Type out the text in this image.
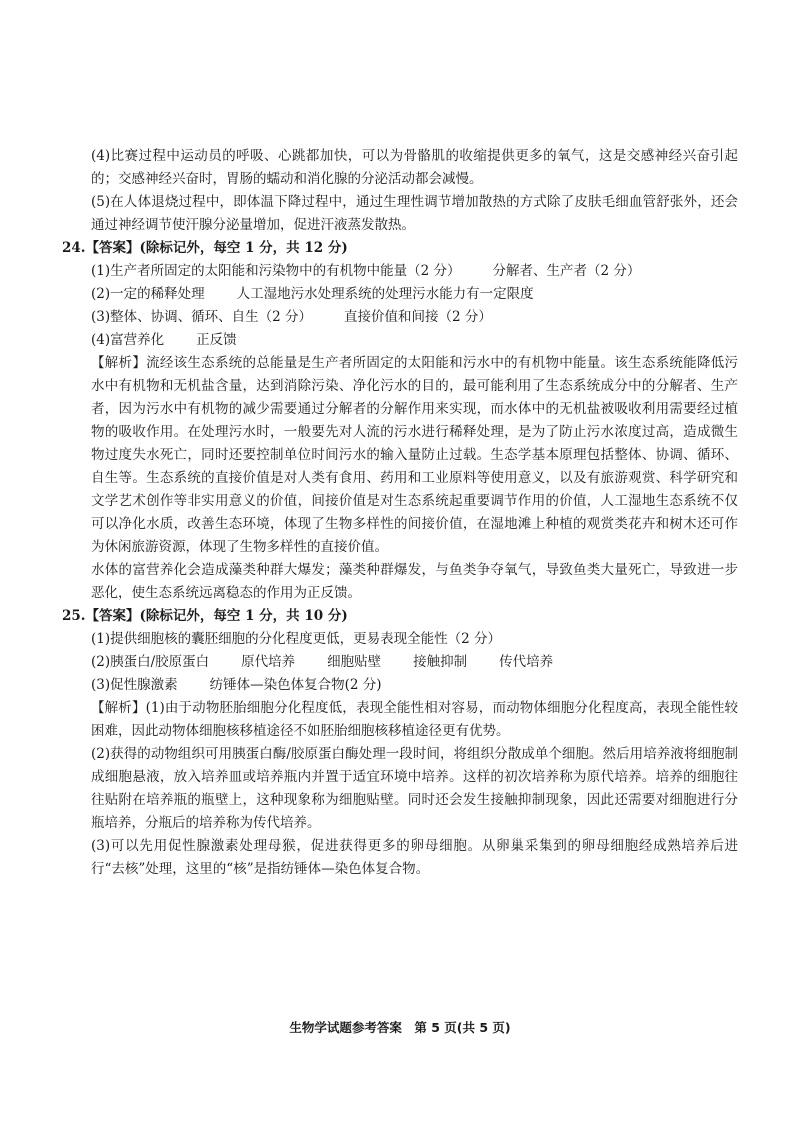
(4)比赛过程中运动员的呼吸、心跳都加快，可以为骨骼肌的收缩提供更多的氧气，这是交感神经兴奋引起的；交感神经兴奋时，胃肠的蠕动和消化腺的分泌活动都会减慢。

(5)在人体退烧过程中，即体温下降过程中，通过生理性调节增加散热的方式除了皮肤毛细血管舒张外，还会通过神经调节使汗腺分泌量增加，促进汗液蒸发散热。

24.【答案】(除标记外，每空 1 分，共 12 分)

(1)生产者所固定的太阳能和污染物中的有机物中能量（2 分） 分解者、生产者（2 分）

(2)一定的稀释处理 人工湿地污水处理系统的处理污水能力有一定限度

(3)整体、协调、循环、自生（2 分） 直接价值和间接（2 分）

(4)富营养化 正反馈

【解析】流经该生态系统的总能量是生产者所固定的太阳能和污水中的有机物中能量。该生态系统能降低污水中有机物和无机盐含量，达到消除污染、净化污水的目的，最可能利用了生态系统成分中的分解者、生产者，因为污水中有机物的减少需要通过分解者的分解作用来实现，而水体中的无机盐被吸收利用需要经过植物的吸收作用。在处理污水时，一般要先对人流的污水进行稀释处理，是为了防止污水浓度过高，造成微生物过度失水死亡，同时还要控制单位时间污水的输入量防止过载。生态学基本原理包括整体、协调、循环、自生等。生态系统的直接价值是对人类有食用、药用和工业原料等使用意义，以及有旅游观赏、科学研究和文学艺术创作等非实用意义的价值，间接价值是对生态系统起重要调节作用的价值，人工湿地生态系统不仅可以净化水质，改善生态环境，体现了生物多样性的间接价值，在湿地滩上种植的观赏类花卉和树木还可作为休闲旅游资源，体现了生物多样性的直接价值。

水体的富营养化会造成藻类种群大爆发；藻类种群爆发，与鱼类争夺氧气，导致鱼类大量死亡，导致进一步恶化，使生态系统远离稳态的作用为正反馈。

25.【答案】(除标记外，每空 1 分，共 10 分)

(1)提供细胞核的囊胚细胞的分化程度更低，更易表现全能性（2 分）

(2)胰蛋白/胶原蛋白 原代培养 细胞贴壁 接触抑制 传代培养

(3)促性腺激素 纺锤体—染色体复合物(2 分)

【解析】(1)由于动物胚胎细胞分化程度低，表现全能性相对容易，而动物体细胞分化程度高，表现全能性较困难，因此动物体细胞核移植途径不如胚胎细胞核移植途径更有优势。

(2)获得的动物组织可用胰蛋白酶/胶原蛋白酶处理一段时间，将组织分散成单个细胞。然后用培养液将细胞制成细胞悬液，放入培养皿或培养瓶内并置于适宜环境中培养。这样的初次培养称为原代培养。培养的细胞往往贴附在培养瓶的瓶壁上，这种现象称为细胞贴壁。同时还会发生接触抑制现象，因此还需要对细胞进行分瓶培养，分瓶后的培养称为传代培养。

(3)可以先用促性腺激素处理母猴，促进获得更多的卵母细胞。从卵巢采集到的卵母细胞经成熟培养后进行“去核”处理，这里的“核”是指纺锤体—染色体复合物。

生物学试题参考答案　第 5 页(共 5 页)
